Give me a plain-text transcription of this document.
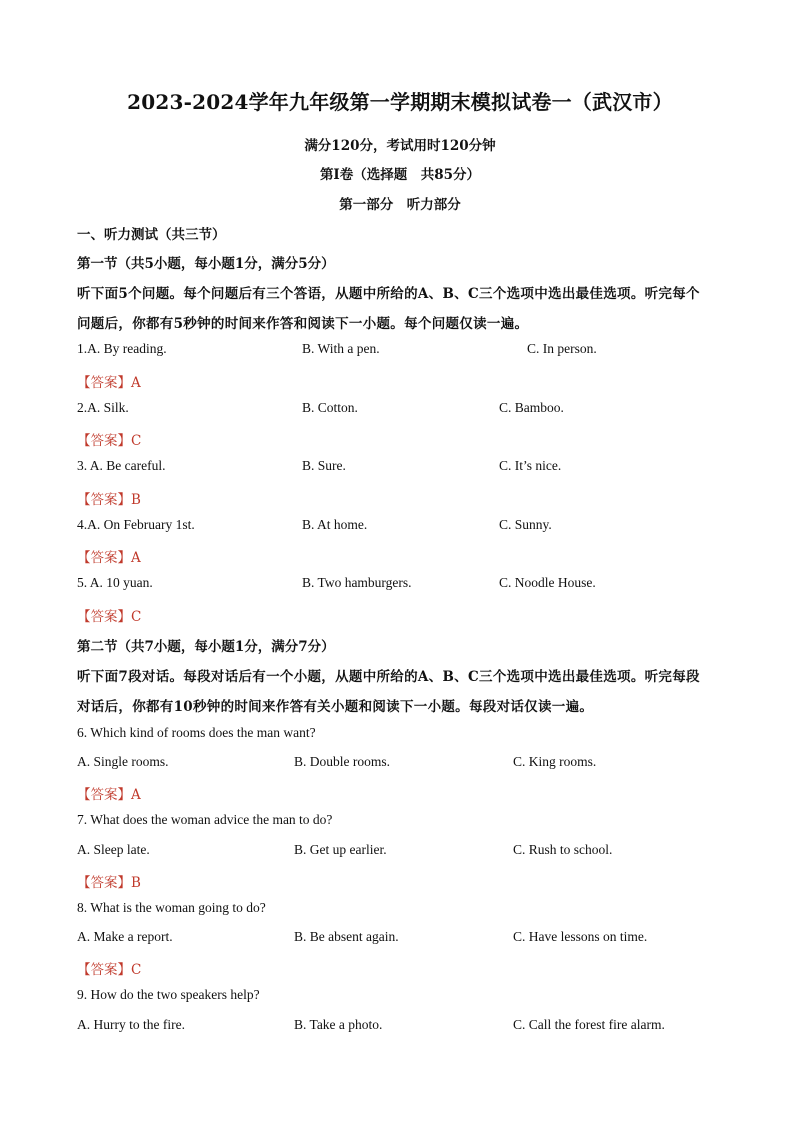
2023-2024学年九年级第一学期期末模拟试卷一（武汉市）
满分120分，考试用时120分钟
第Ⅰ卷（选择题　共85分）
第一部分　听力部分
一、听力测试（共三节）
第一节（共5小题，每小题1分，满分5分）
听下面5个问题。每个问题后有三个答语，从题中所给的A、B、C三个选项中选出最佳选项。听完每个
问题后，你都有5秒钟的时间来作答和阅读下一小题。每个问题仅读一遍。
1.A. By reading.	B. With a pen.	C. In person.
【答案】A
2.A. Silk.	B. Cotton.	C. Bamboo.
【答案】C
3. A. Be careful.	B. Sure.	C. It’s nice.
【答案】B
4.A. On February 1st.	B. At home.	C. Sunny.
【答案】A
5. A. 10 yuan.	B. Two hamburgers.	C. Noodle House.
【答案】C
第二节（共7小题，每小题1分，满分7分）
听下面7段对话。每段对话后有一个小题，从题中所给的A、B、C三个选项中选出最佳选项。听完每段
对话后，你都有10秒钟的时间来作答有关小题和阅读下一小题。每段对话仅读一遍。
6. Which kind of rooms does the man want?
A. Single rooms.	B. Double rooms.	C. King rooms.
【答案】A
7. What does the woman advice the man to do?
A. Sleep late.	B. Get up earlier.	C. Rush to school.
【答案】B
8. What is the woman going to do?
A. Make a report.	B. Be absent again.	C. Have lessons on time.
【答案】C
9. How do the two speakers help?
A. Hurry to the fire.	B. Take a photo.	C. Call the forest fire alarm.
